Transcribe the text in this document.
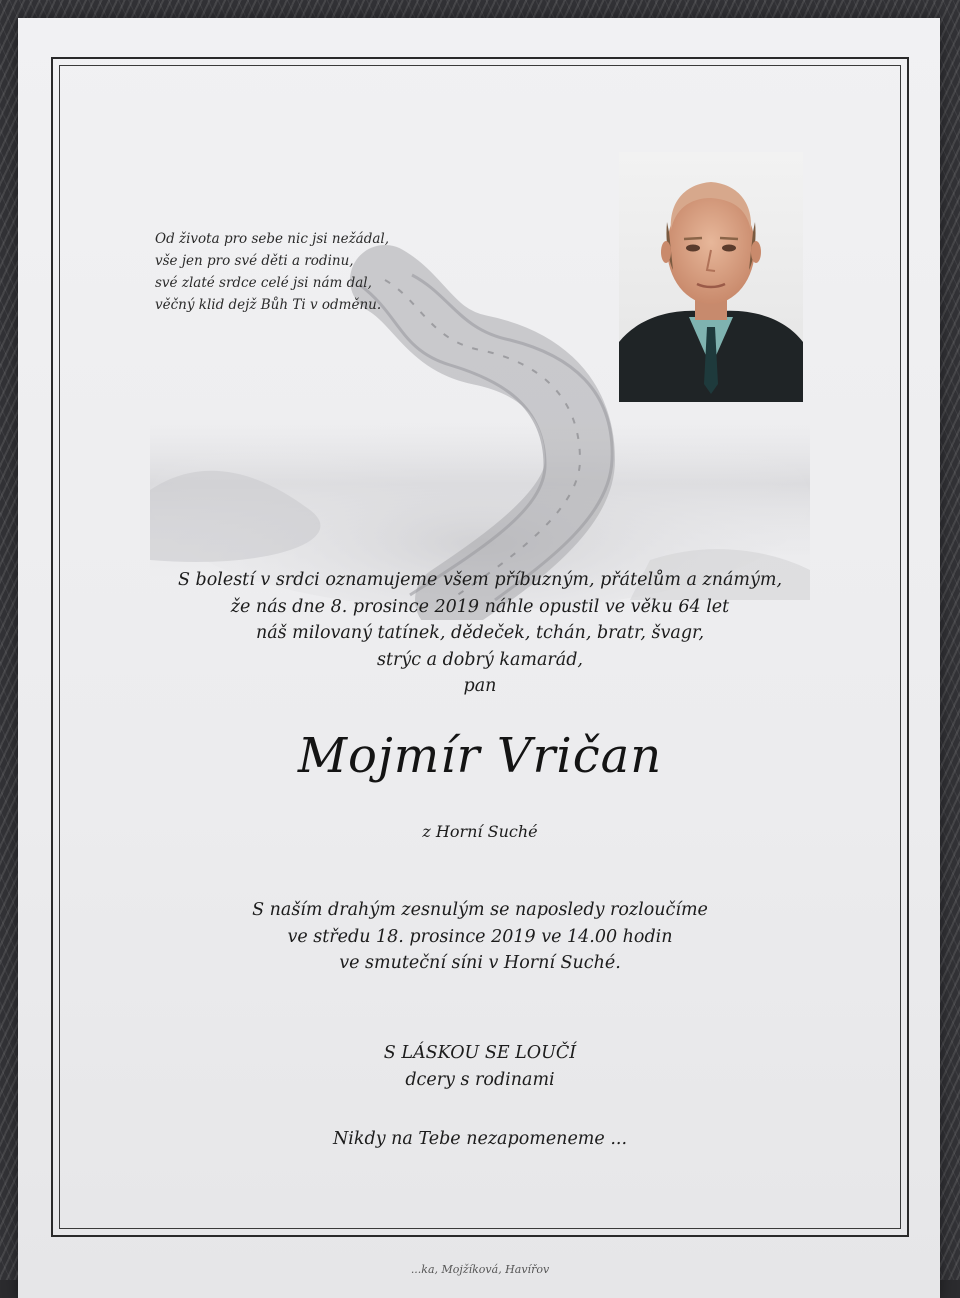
Od života pro sebe nic jsi nežádal,
vše jen pro své děti a rodinu,
své zlaté srdce celé jsi nám dal,
věčný klid dejž Bůh Ti v odměnu.
S bolestí v srdci oznamujeme všem příbuzným, přátelům a známým,
že nás dne 8. prosince 2019 náhle opustil ve věku 64 let
náš milovaný tatínek, dědeček, tchán, bratr, švagr,
strýc a dobrý kamarád,
pan
Mojmír Vričan
z Horní Suché
S naším drahým zesnulým se naposledy rozloučíme
ve středu 18. prosince 2019 ve 14.00 hodin
ve smuteční síni v Horní Suché.
S LÁSKOU SE LOUČÍ
dcery s rodinami
Nikdy na Tebe nezapomeneme ...
...ka, Mojžíková, Havířov
